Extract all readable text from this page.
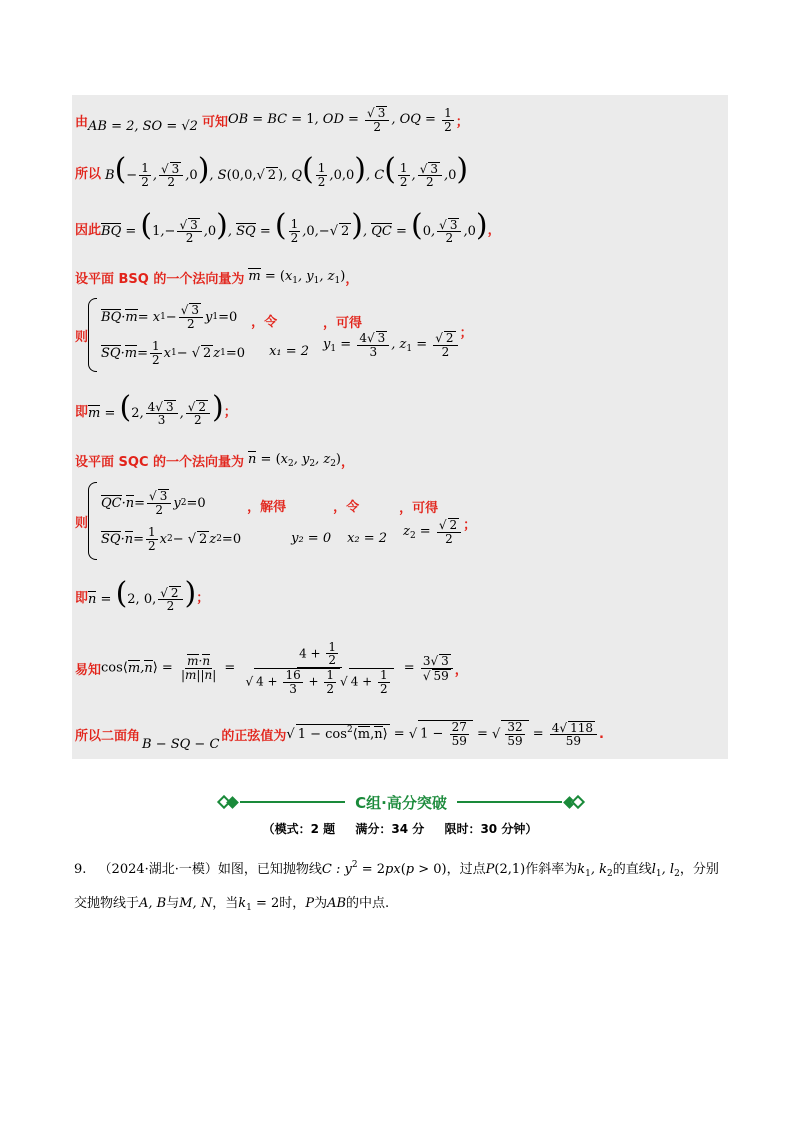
由 AB = 2, SO = √2 可知 OB = BC = 1, OD = $\frac{√ 3}{2}$ , OQ = $\frac{1}{2}$ ；
所以 $B(- \frac{1}{2}$ , $\frac{√ 3}{2} ,0$), S(0,0,√ 2 ), $Q( \frac{1}{2} ,0,0)$, $C( \frac{1}{2}$ , $\frac{√ 3}{2} ,0$)
因此 BQ = $(1,- \frac{√ 3}{2} ,0)$, SQ = ( $\frac{1}{2} ,0,-√$ 2), QC = (0, $\frac{√ 3}{2} ,0$) ，
设平面 BSQ 的一个法向量为 $m = (x_1$, $y_1$, $z_1$) ，
则
BQ · m = x $1 - \frac{√ 3}{2}$ y 1 = 0
SQ · $m = \frac{1}{2}$ x 1 − √ 2 z 1 = 0
，令
x₁ = 2
，可得
$y_1 = \frac{4√ 3}{3}$ , $z_1 = \frac{√ 2}{2}$ ；
即 m = (2, $\frac{4√ 3}{3}$ , $\frac{√ 2}{2}$ ) ；
设平面 SQC 的一个法向量为 $n = (x_2$, $y_2$, $z_2$) ，
则
QC · $n = \frac{√ 3}{2}$ y 2 = 0
SQ · $n = \frac{1}{2}$ x 2 − √ 2 z 2 = 0
，解得
y₂ = 0
，令
x₂ = 2
，可得
$z_2 = \frac{√ 2}{2}$ ；
即 n = (2, 0, $\frac{√ 2}{2}$ ) ；
易知 cos⟨m,n⟩ = $\frac{m\cdot n}{|m||n|} = \frac{4 + \frac{1}{2}}{√ 4 + \frac{16}{3} + \frac{1}{2} √ 4 + \frac{1}{2}} = \frac{3√ 3}{√ 59}$ ，
所以二面角
B − SQ − C
的正弦值为 √ $1 - \cos^2⟨m,n⟩$ = √ $1 - \frac{27}{59}$ = √ $\frac{32}{59} = \frac{4√ 118}{59}$ .
C组·高分突破
（模式：2 题 满分：34 分 限时：30 分钟）
9. （2024·湖北·一模）如图，已知抛物线C : $y^2 = 2px(p > 0)$，过点P(2,1)作斜率为$k_1$, $k_2$的直线$l_1$, $l_2$，分别
交抛物线于A, B与M, N，当$k_1 = 2$时，P为AB的中点.
